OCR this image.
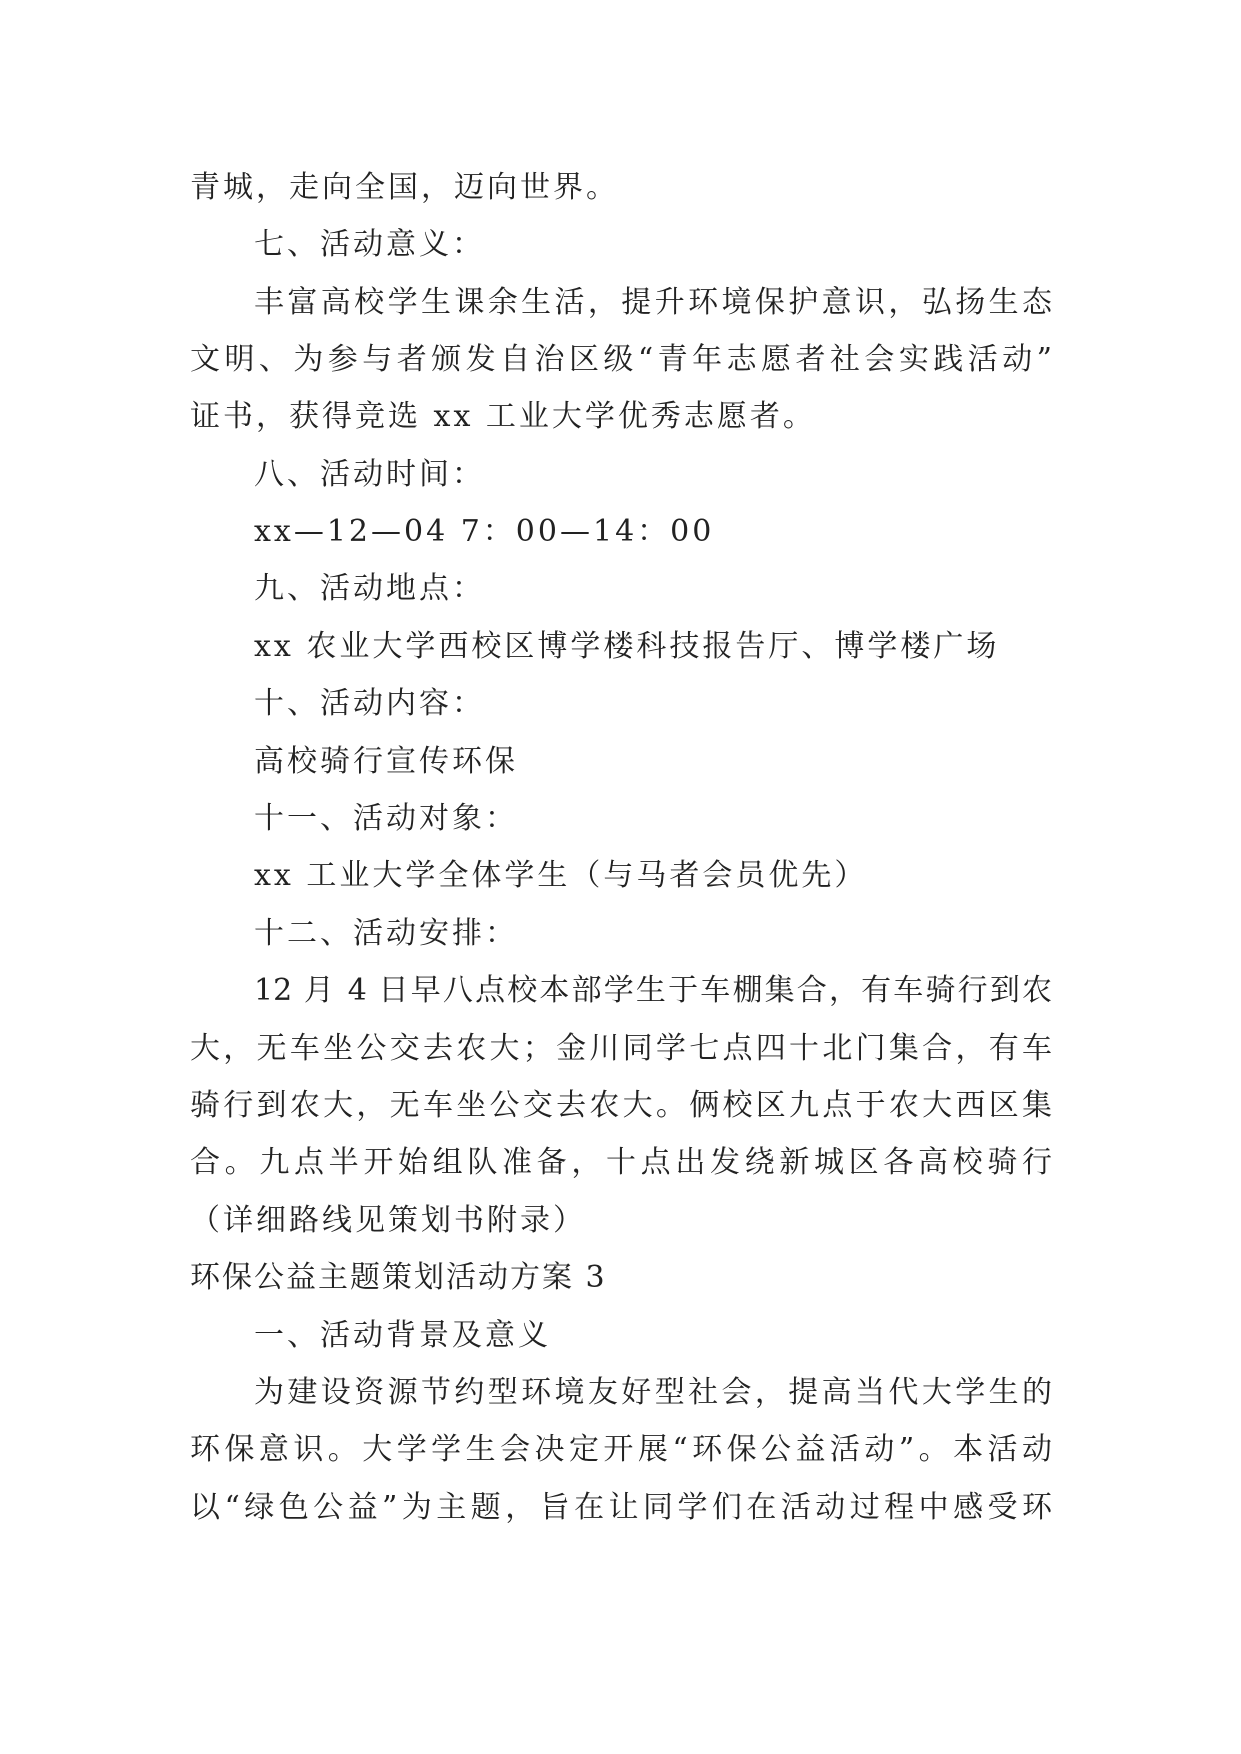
青城，走向全国，迈向世界。
七、活动意义：
丰富高校学生课余生活，提升环境保护意识，弘扬生态
文明、为参与者颁发自治区级“青年志愿者社会实践活动”
证书，获得竞选 xx 工业大学优秀志愿者。
八、活动时间：
xx—12—04 7：00—14：00
九、活动地点：
xx 农业大学西校区博学楼科技报告厅、博学楼广场
十、活动内容：
高校骑行宣传环保
十一、活动对象：
xx 工业大学全体学生（与马者会员优先）
十二、活动安排：
12 月 4 日早八点校本部学生于车棚集合，有车骑行到农
大，无车坐公交去农大；金川同学七点四十北门集合，有车
骑行到农大，无车坐公交去农大。俩校区九点于农大西区集
合。九点半开始组队准备，十点出发绕新城区各高校骑行
（详细路线见策划书附录）
环保公益主题策划活动方案 3
一、活动背景及意义
为建设资源节约型环境友好型社会，提高当代大学生的
环保意识。大学学生会决定开展“环保公益活动”。本活动
以“绿色公益”为主题，旨在让同学们在活动过程中感受环
